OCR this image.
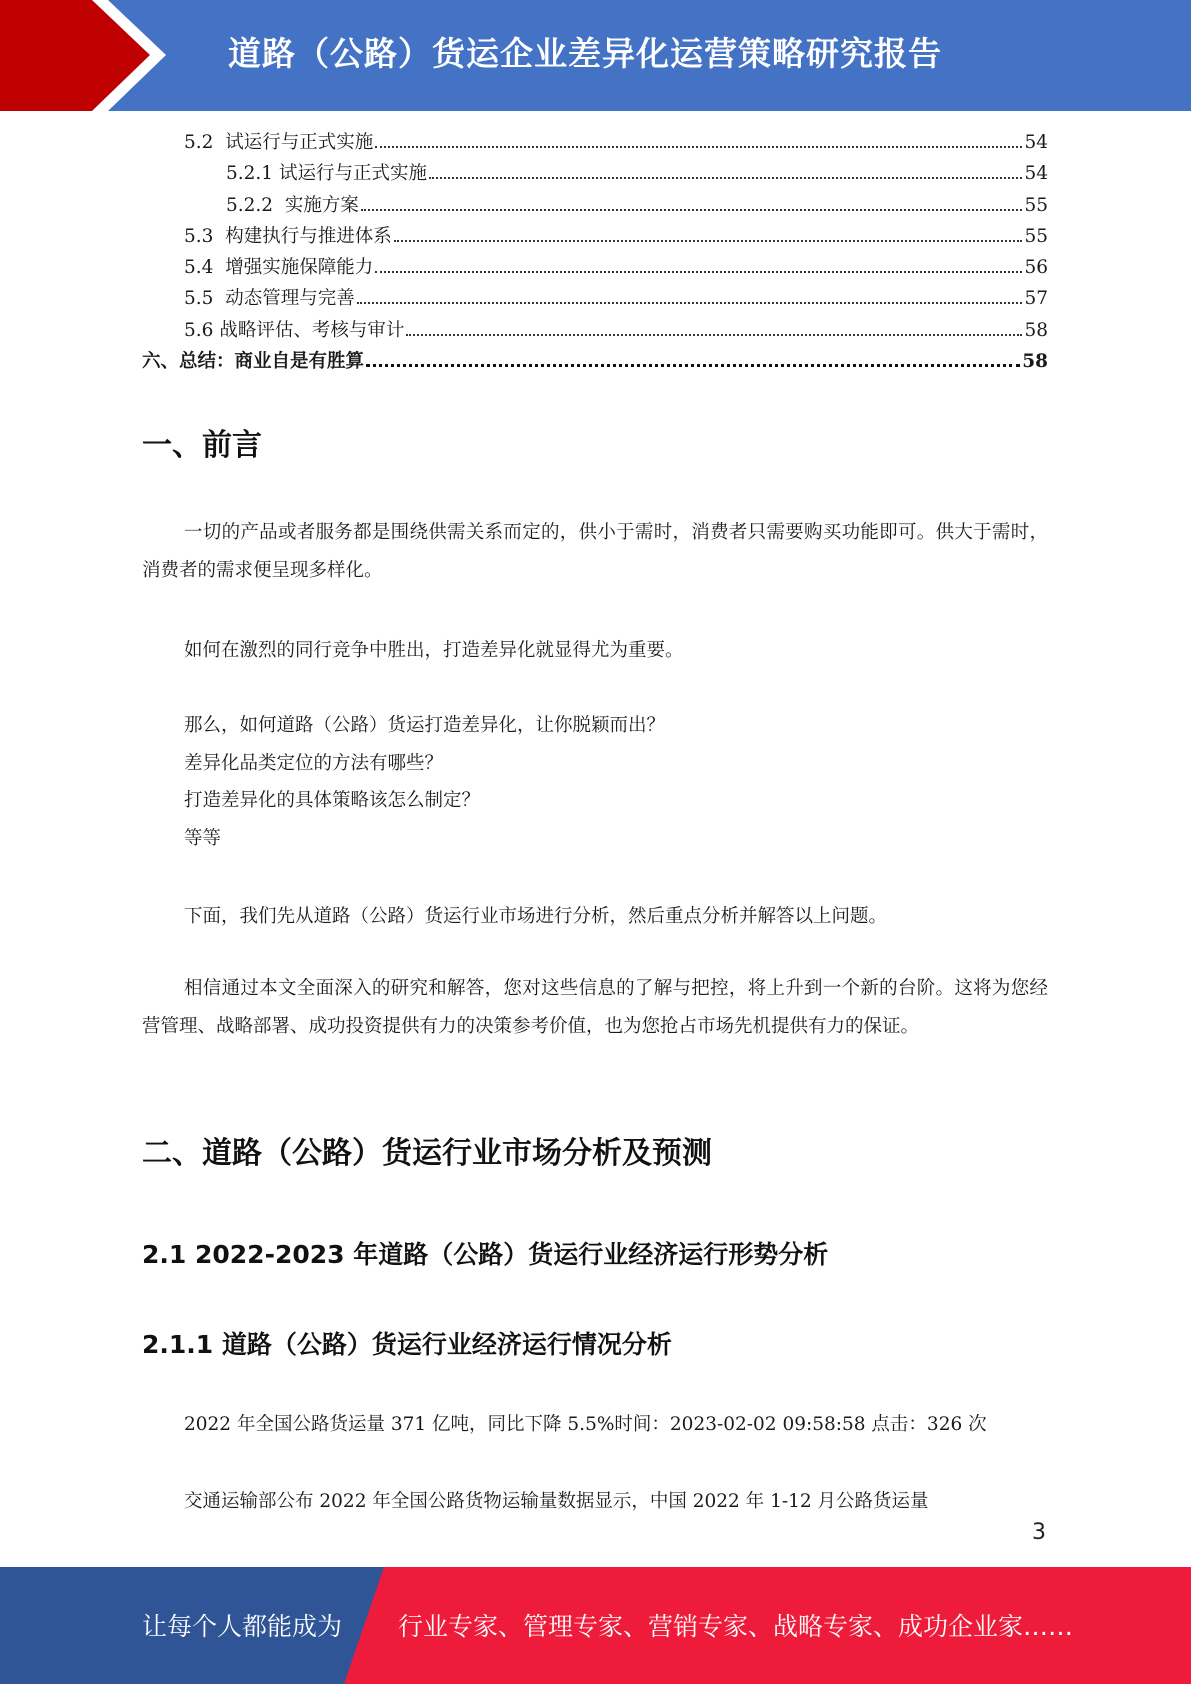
道路（公路）货运企业差异化运营策略研究报告
5.2 试运行与正式实施	54
5.2.1 试运行与正式实施	54
5.2.2 实施方案	55
5.3 构建执行与推进体系	55
5.4 增强实施保障能力	56
5.5 动态管理与完善	57
5.6 战略评估、考核与审计	58
六、总结：商业自是有胜算	58
一、前言

一切的产品或者服务都是围绕供需关系而定的，供小于需时，消费者只需要购买功能即可。供大于需时，消费者的需求便呈现多样化。

如何在激烈的同行竞争中胜出，打造差异化就显得尤为重要。
那么，如何道路（公路）货运打造差异化，让你脱颖而出？
差异化品类定位的方法有哪些？
打造差异化的具体策略该怎么制定？
等等
下面，我们先从道路（公路）货运行业市场进行分析，然后重点分析并解答以上问题。

相信通过本文全面深入的研究和解答，您对这些信息的了解与把控，将上升到一个新的台阶。这将为您经营管理、战略部署、成功投资提供有力的决策参考价值，也为您抢占市场先机提供有力的保证。

二、道路（公路）货运行业市场分析及预测
2.1 2022-2023 年道路（公路）货运行业经济运行形势分析
2.1.1 道路（公路）货运行业经济运行情况分析
2022 年全国公路货运量 371 亿吨，同比下降 5.5%时间：2023-02-02 09:58:58 点击：326 次
交通运输部公布 2022 年全国公路货物运输量数据显示，中国 2022 年 1-12 月公路货运量
3
让每个人都能成为 行业专家、管理专家、营销专家、战略专家、成功企业家……
